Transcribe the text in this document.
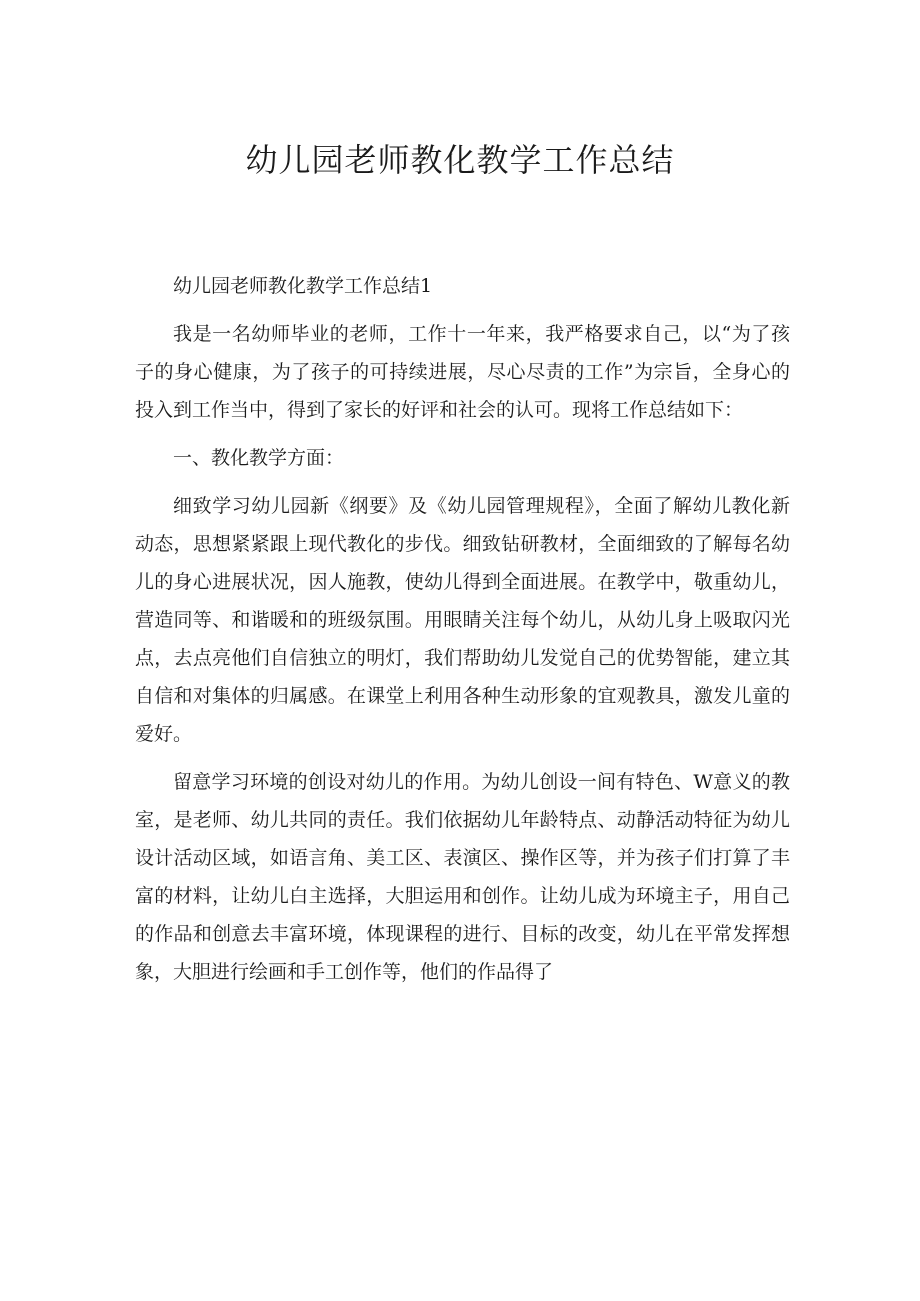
幼儿园老师教化教学工作总结

幼儿园老师教化教学工作总结1

我是一名幼师毕业的老师，工作十一年来，我严格要求自己，以“为了孩子的身心健康，为了孩子的可持续进展，尽心尽责的工作”为宗旨，全身心的投入到工作当中，得到了家长的好评和社会的认可。现将工作总结如下：

一、教化教学方面：

细致学习幼儿园新《纲要》及《幼儿园管理规程》，全面了解幼儿教化新动态，思想紧紧跟上现代教化的步伐。细致钻研教材，全面细致的了解每名幼儿的身心进展状况，因人施教，使幼儿得到全面进展。在教学中，敬重幼儿，营造同等、和谐暖和的班级氛围。用眼睛关注每个幼儿，从幼儿身上吸取闪光点，去点亮他们自信独立的明灯，我们帮助幼儿发觉自己的优势智能，建立其自信和对集体的归属感。在课堂上利用各种生动形象的宜观教具，激发儿童的爱好。

留意学习环境的创设对幼儿的作用。为幼儿创设一间有特色、W意义的教室，是老师、幼儿共同的责任。我们依据幼儿年龄特点、动静活动特征为幼儿设计活动区域，如语言角、美工区、表演区、操作区等，并为孩子们打算了丰富的材料，让幼儿白主选择，大胆运用和创作。让幼儿成为环境主子，用自己的作品和创意去丰富环境，体现课程的进行、目标的改变，幼儿在平常发挥想象，大胆进行绘画和手工创作等，他们的作品得了
